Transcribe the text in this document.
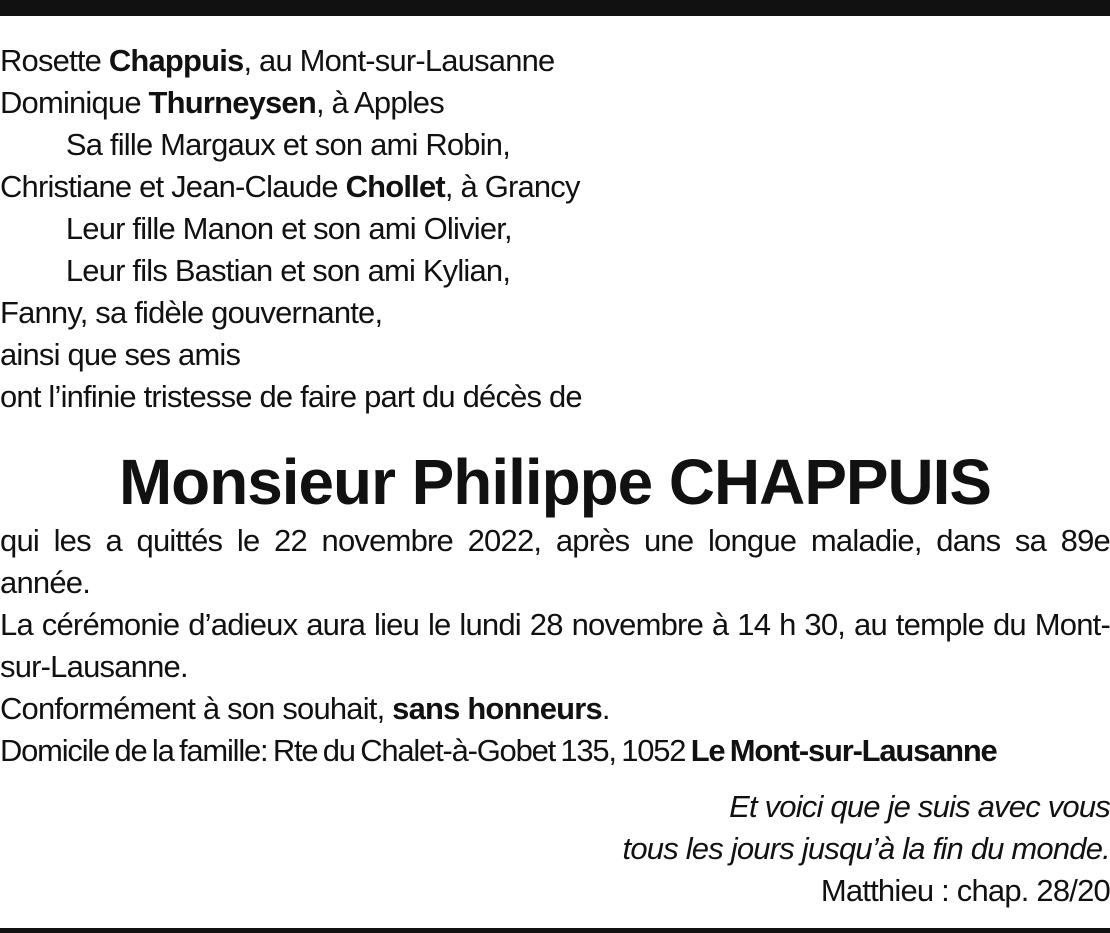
Rosette Chappuis, au Mont-sur-Lausanne
Dominique Thurneysen, à Apples
Sa fille Margaux et son ami Robin,
Christiane et Jean-Claude Chollet, à Grancy
Leur fille Manon et son ami Olivier,
Leur fils Bastian et son ami Kylian,
Fanny, sa fidèle gouvernante,
ainsi que ses amis
ont l’infinie tristesse de faire part du décès de
Monsieur Philippe CHAPPUIS
qui les a quittés le 22 novembre 2022, après une longue maladie, dans sa 89e année.
La cérémonie d’adieux aura lieu le lundi 28 novembre à 14 h 30, au temple du Mont-sur-Lausanne.
Conformément à son souhait, sans honneurs.
Domicile de la famille: Rte du Chalet-à-Gobet 135, 1052 Le Mont-sur-Lausanne
Et voici que je suis avec vous
tous les jours jusqu’à la fin du monde.
Matthieu : chap. 28/20
